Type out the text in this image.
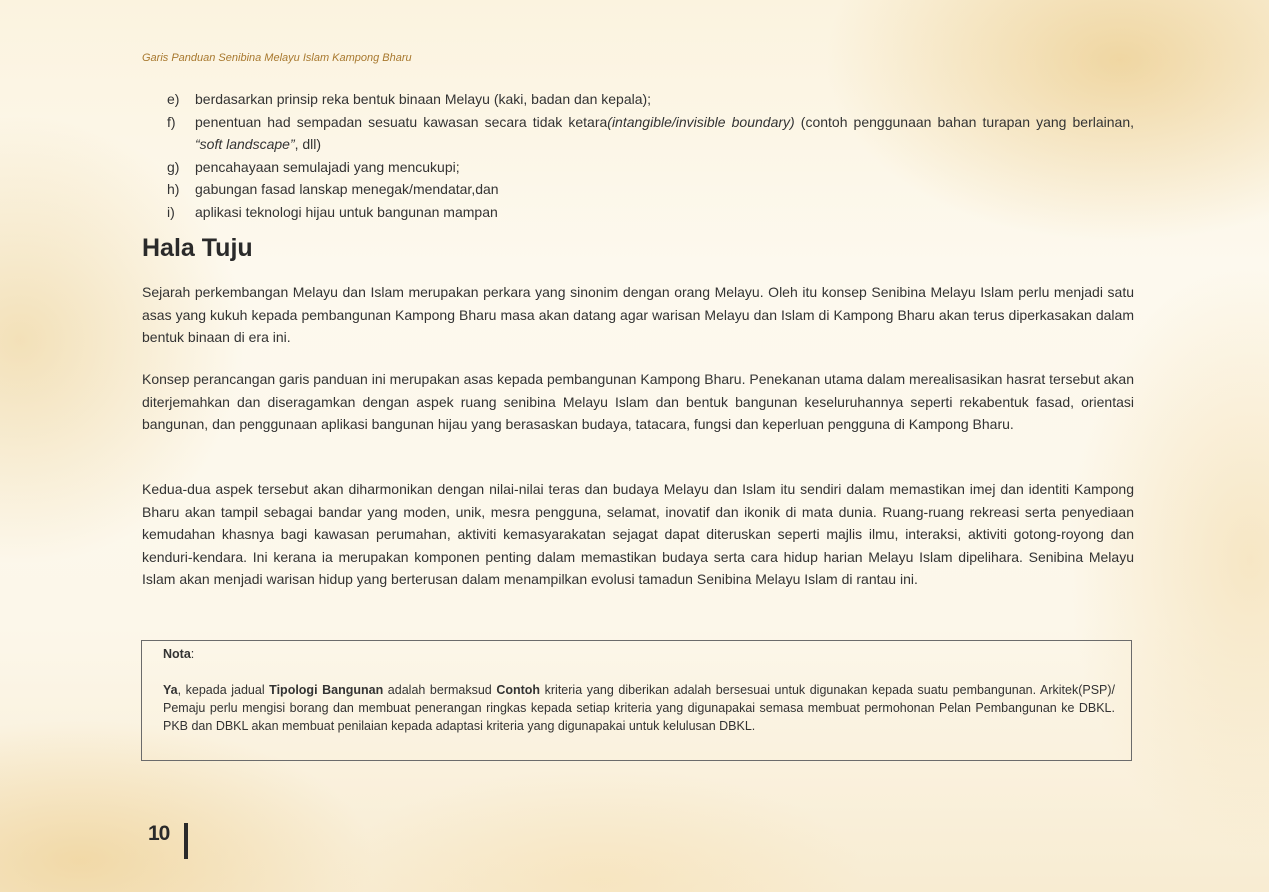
Garis Panduan Senibina Melayu Islam Kampong Bharu
e)	berdasarkan prinsip reka bentuk binaan Melayu (kaki, badan dan kepala);
f)	penentuan had sempadan sesuatu kawasan secara tidak ketara(intangible/invisible boundary) (contoh penggunaan bahan turapan yang berlainan, “soft landscape”, dll)
g)	pencahayaan semulajadi yang mencukupi;
h)	gabungan fasad lanskap menegak/mendatar,dan
i)	aplikasi teknologi hijau untuk bangunan mampan
Hala Tuju

Sejarah perkembangan Melayu dan Islam merupakan perkara yang sinonim dengan orang Melayu. Oleh itu konsep Senibina Melayu Islam perlu menjadi satu asas yang kukuh kepada pembangunan Kampong Bharu masa akan datang agar warisan Melayu dan Islam di Kampong Bharu akan terus diperkasakan dalam bentuk binaan di era ini.

Konsep perancangan garis panduan ini merupakan asas kepada pembangunan Kampong Bharu. Penekanan utama dalam merealisasikan hasrat tersebut akan diterjemahkan dan diseragamkan dengan aspek ruang senibina Melayu Islam dan bentuk bangunan keseluruhannya seperti rekabentuk fasad, orientasi bangunan, dan penggunaan aplikasi bangunan hijau yang berasaskan budaya, tatacara, fungsi dan keperluan pengguna di Kampong Bharu.

Kedua-dua aspek tersebut akan diharmonikan dengan nilai-nilai teras dan budaya Melayu dan Islam itu sendiri dalam memastikan imej dan identiti Kampong Bharu akan tampil sebagai bandar yang moden, unik, mesra pengguna, selamat, inovatif dan ikonik di mata dunia. Ruang-ruang rekreasi serta penyediaan kemudahan khasnya bagi kawasan perumahan, aktiviti kemasyarakatan sejagat dapat diteruskan seperti majlis ilmu, interaksi, aktiviti gotong-royong dan kenduri-kendara. Ini kerana ia merupakan komponen penting dalam memastikan budaya serta cara hidup harian Melayu Islam dipelihara. Senibina Melayu Islam akan menjadi warisan hidup yang berterusan dalam menampilkan evolusi tamadun Senibina Melayu Islam di rantau ini.

Nota:

Ya, kepada jadual Tipologi Bangunan adalah bermaksud Contoh kriteria yang diberikan adalah bersesuai untuk digunakan kepada suatu pembangunan. Arkitek(PSP)/ Pemaju perlu mengisi borang dan membuat penerangan ringkas kepada setiap kriteria yang digunapakai semasa membuat permohonan Pelan Pembangunan ke DBKL. PKB dan DBKL akan membuat penilaian kepada adaptasi kriteria yang digunapakai untuk kelulusan DBKL.

10
